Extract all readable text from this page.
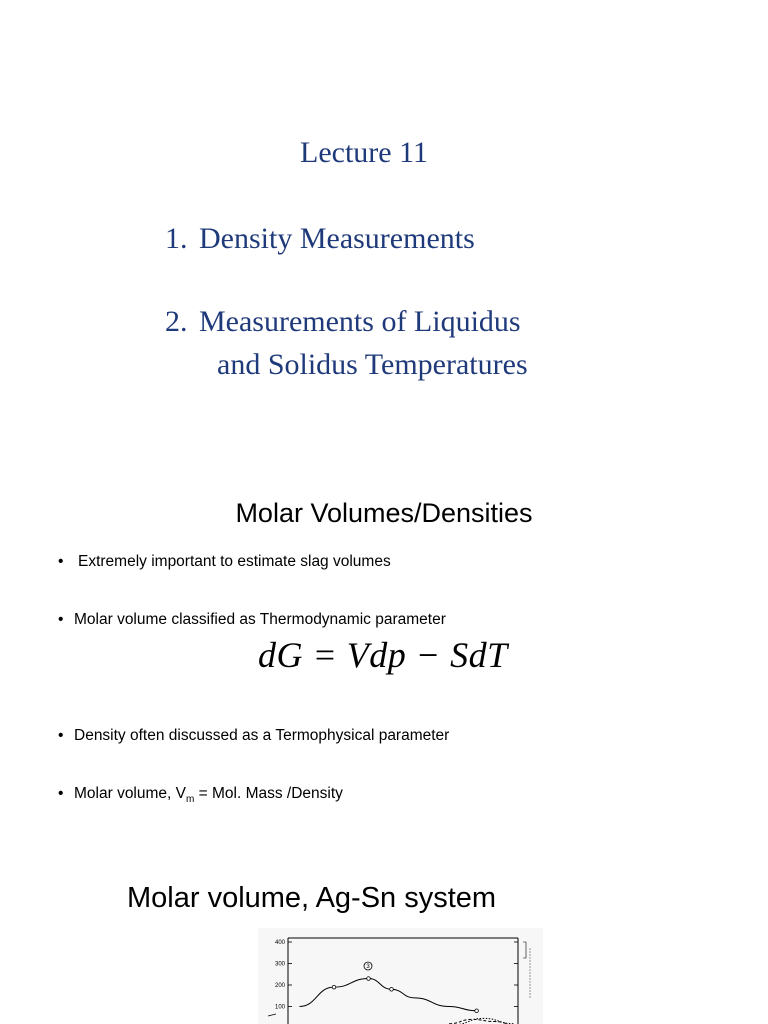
Lecture 11
1. Density Measurements
2. Measurements of Liquidus
and Solidus Temperatures
Molar Volumes/Densities
• Extremely important to estimate slag volumes
• Molar volume classified as Thermodynamic parameter
dG = Vdp − SdT
• Density often discussed as a Termophysical parameter
• Molar volume, $V_m$ = Mol. Mass /Density
Molar volume, Ag-Sn system
400
300
200
100
3
